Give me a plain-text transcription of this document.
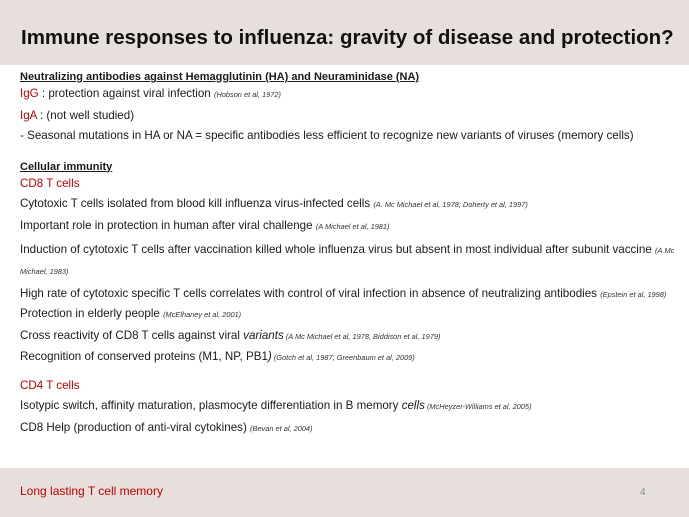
Immune responses to influenza: gravity of disease and protection?
Neutralizing antibodies against Hemagglutinin (HA) and Neuraminidase (NA)
IgG : protection against viral infection (Hobson et al, 1972)
IgA : (not well studied)
- Seasonal mutations in HA or NA = specific antibodies less efficient to recognize new variants of viruses (memory cells)
Cellular immunity
CD8 T cells
Cytotoxic T cells isolated from blood kill influenza virus-infected cells (A. Mc Michael et al, 1978; Doherty et al, 1997)
Important role in protection in human after viral challenge (A Michael et al, 1981)
Induction of cytotoxic T cells after vaccination killed whole influenza virus but absent in most individual after subunit vaccine (A.Mc Michael, 1983)
High rate of cytotoxic specific T cells correlates with control of viral infection in absence of neutralizing antibodies (Epstein et al, 1998)
Protection in elderly people (McElhaney et al, 2001)
Cross reactivity of CD8 T cells against viral variants (A Mc Michael et al, 1978, Biddison et al, 1979)
Recognition of conserved proteins (M1, NP, PB1) (Gotch et al, 1987; Greenbaum et al, 2009)
CD4 T cells
Isotypic switch, affinity maturation, plasmocyte differentiation in B memory cells (McHeyzer-Williams et al, 2005)
CD8 Help (production of anti-viral cytokines) (Bevan et al, 2004)
Long lasting T cell memory	4
